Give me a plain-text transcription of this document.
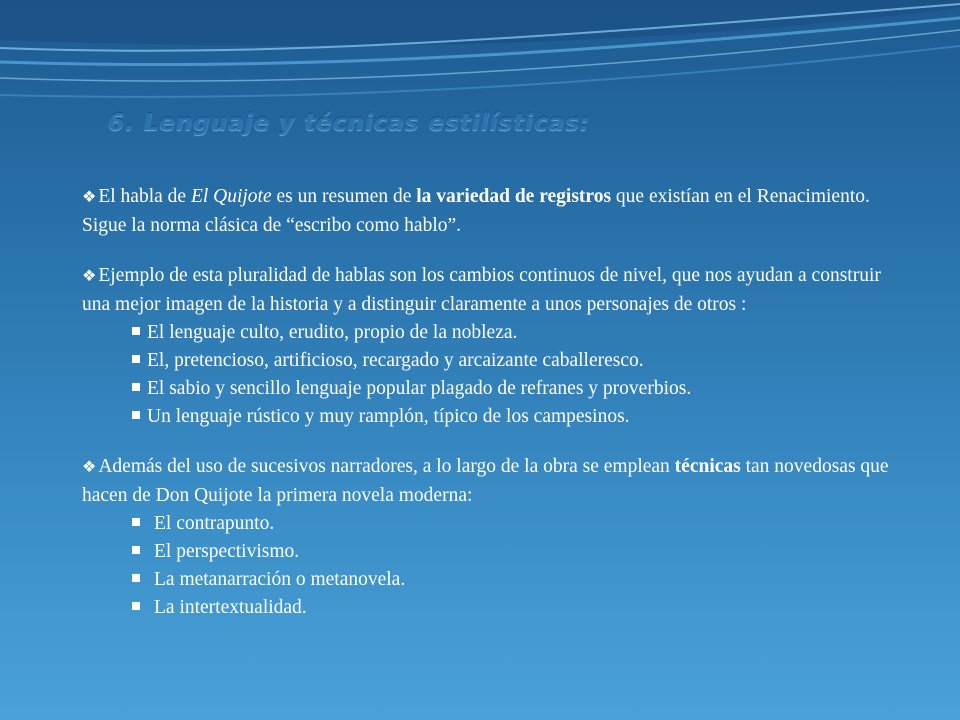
6. Lenguaje y técnicas estilísticas:

❖ El habla de El Quijote es un resumen de la variedad de registros que existían en el Renacimiento. Sigue la norma clásica de “escribo como hablo”.

❖ Ejemplo de esta pluralidad de hablas son los cambios continuos de nivel, que nos ayudan a construir una mejor imagen de la historia y a distinguir claramente a unos personajes de otros :

El lenguaje culto, erudito, propio de la nobleza.
El, pretencioso, artificioso, recargado y arcaizante caballeresco.
El sabio y sencillo lenguaje popular plagado de refranes y proverbios.
Un lenguaje rústico y muy ramplón, típico de los campesinos.

❖ Además del uso de sucesivos narradores, a lo largo de la obra se emplean técnicas tan novedosas que hacen de Don Quijote la primera novela moderna:

El contrapunto.
El perspectivismo.
La metanarración o metanovela.
La intertextualidad.
